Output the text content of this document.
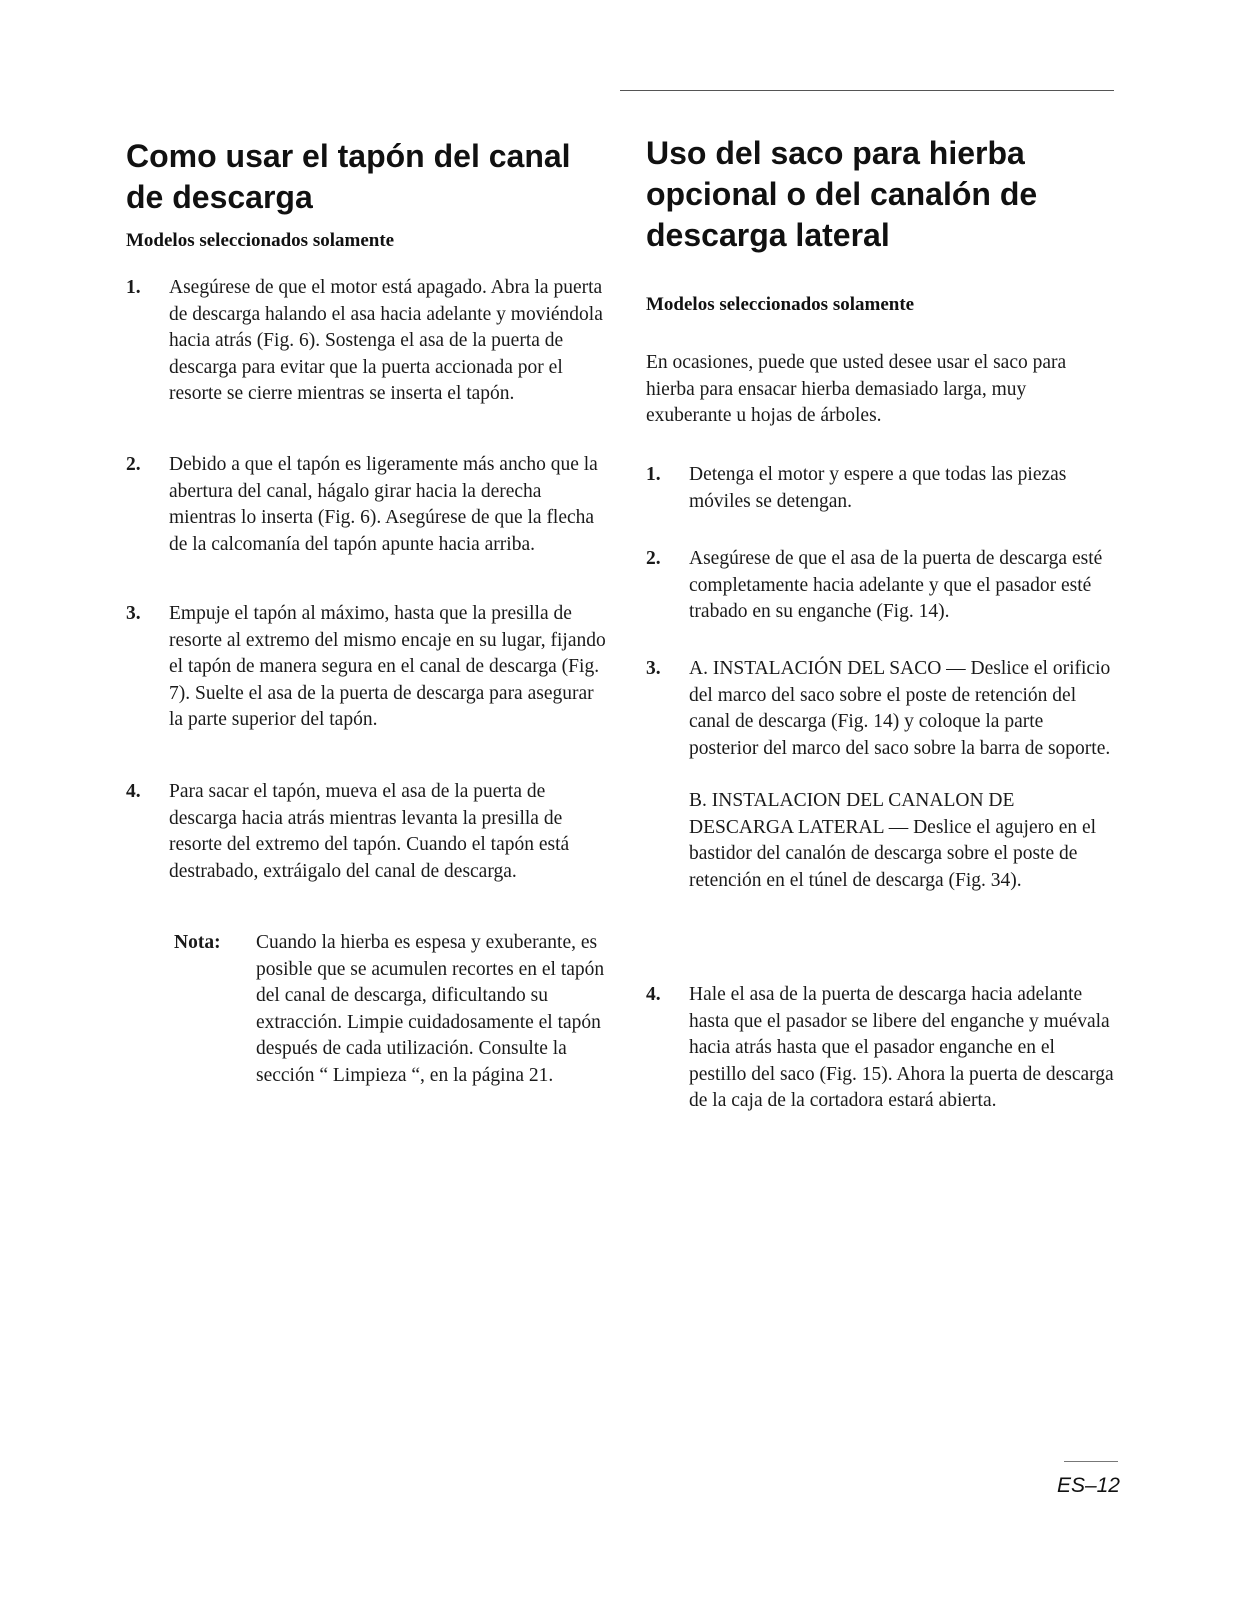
Como usar el tapón del canal de descarga
Modelos seleccionados solamente
1. Asegúrese de que el motor está apagado. Abra la puerta de descarga halando el asa hacia adelante y moviéndola hacia atrás (Fig. 6). Sostenga el asa de la puerta de descarga para evitar que la puerta accionada por el resorte se cierre mientras se inserta el tapón.

2. Debido a que el tapón es ligeramente más ancho que la abertura del canal, hágalo girar hacia la derecha mientras lo inserta (Fig. 6). Asegúrese de que la flecha de la calcomanía del tapón apunte hacia arriba.

3. Empuje el tapón al máximo, hasta que la presilla de resorte al extremo del mismo encaje en su lugar, fijando el tapón de manera segura en el canal de descarga (Fig. 7). Suelte el asa de la puerta de descarga para asegurar la parte superior del tapón.

4. Para sacar el tapón, mueva el asa de la puerta de descarga hacia atrás mientras levanta la presilla de resorte del extremo del tapón. Cuando el tapón está destrabado, extráigalo del canal de descarga.

Nota: Cuando la hierba es espesa y exuberante, es posible que se acumulen recortes en el tapón del canal de descarga, dificultando su extracción. Limpie cuidadosamente el tapón después de cada utilización. Consulte la sección “ Limpieza “, en la página 21.
Uso del saco para hierba opcional o del canalón de descarga lateral
Modelos seleccionados solamente

En ocasiones, puede que usted desee usar el saco para hierba para ensacar hierba demasiado larga, muy exuberante u hojas de árboles.

1. Detenga el motor y espere a que todas las piezas móviles se detengan.

2. Asegúrese de que el asa de la puerta de descarga esté completamente hacia adelante y que el pasador esté trabado en su enganche (Fig. 14).

3. A. INSTALACIÓN DEL SACO — Deslice el orificio del marco del saco sobre el poste de retención del canal de descarga (Fig. 14) y coloque la parte posterior del marco del saco sobre la barra de soporte.

B. INSTALACION DEL CANALON DE DESCARGA LATERAL — Deslice el agujero en el bastidor del canalón de descarga sobre el poste de retención en el túnel de descarga (Fig. 34).

4. Hale el asa de la puerta de descarga hacia adelante hasta que el pasador se libere del enganche y muévala hacia atrás hasta que el pasador enganche en el pestillo del saco (Fig. 15). Ahora la puerta de descarga de la caja de la cortadora estará abierta.

ES–12
